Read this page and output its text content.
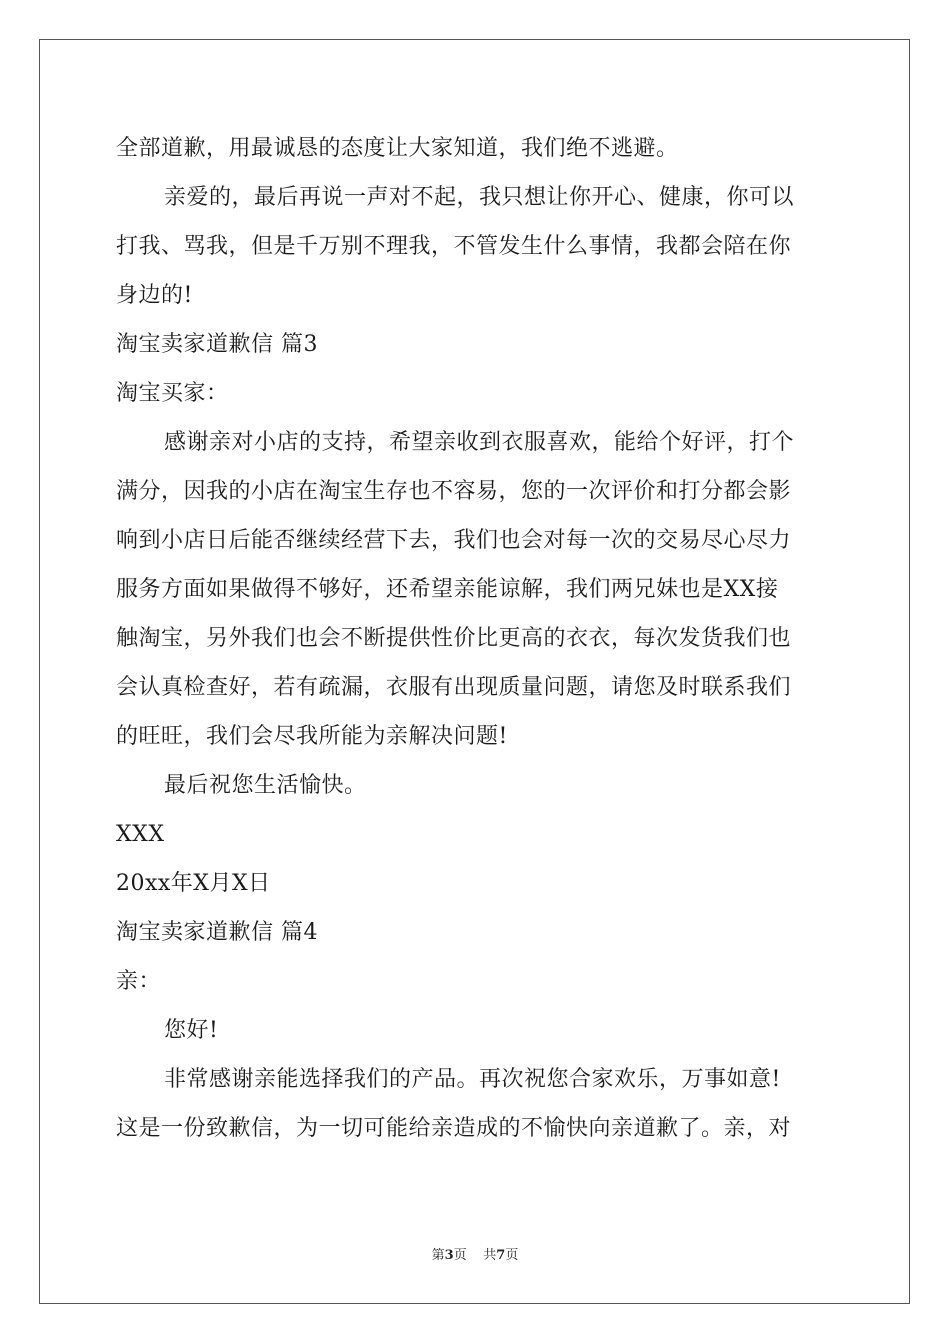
全部道歉，用最诚恳的态度让大家知道，我们绝不逃避。
亲爱的，最后再说一声对不起，我只想让你开心、健康，你可以
打我、骂我，但是千万别不理我，不管发生什么事情，我都会陪在你
身边的!
淘宝卖家道歉信 篇3
淘宝买家：
感谢亲对小店的支持，希望亲收到衣服喜欢，能给个好评，打个
满分，因我的小店在淘宝生存也不容易，您的一次评价和打分都会影
响到小店日后能否继续经营下去，我们也会对每一次的交易尽心尽力
服务方面如果做得不够好，还希望亲能谅解，我们两兄妹也是XX接
触淘宝，另外我们也会不断提供性价比更高的衣衣，每次发货我们也
会认真检查好，若有疏漏，衣服有出现质量问题，请您及时联系我们
的旺旺，我们会尽我所能为亲解决问题!
最后祝您生活愉快。
XXX
20xx年X月X日
淘宝卖家道歉信 篇4
亲：
您好!
非常感谢亲能选择我们的产品。再次祝您合家欢乐，万事如意!
这是一份致歉信，为一切可能给亲造成的不愉快向亲道歉了。亲，对
第3页 共7页
